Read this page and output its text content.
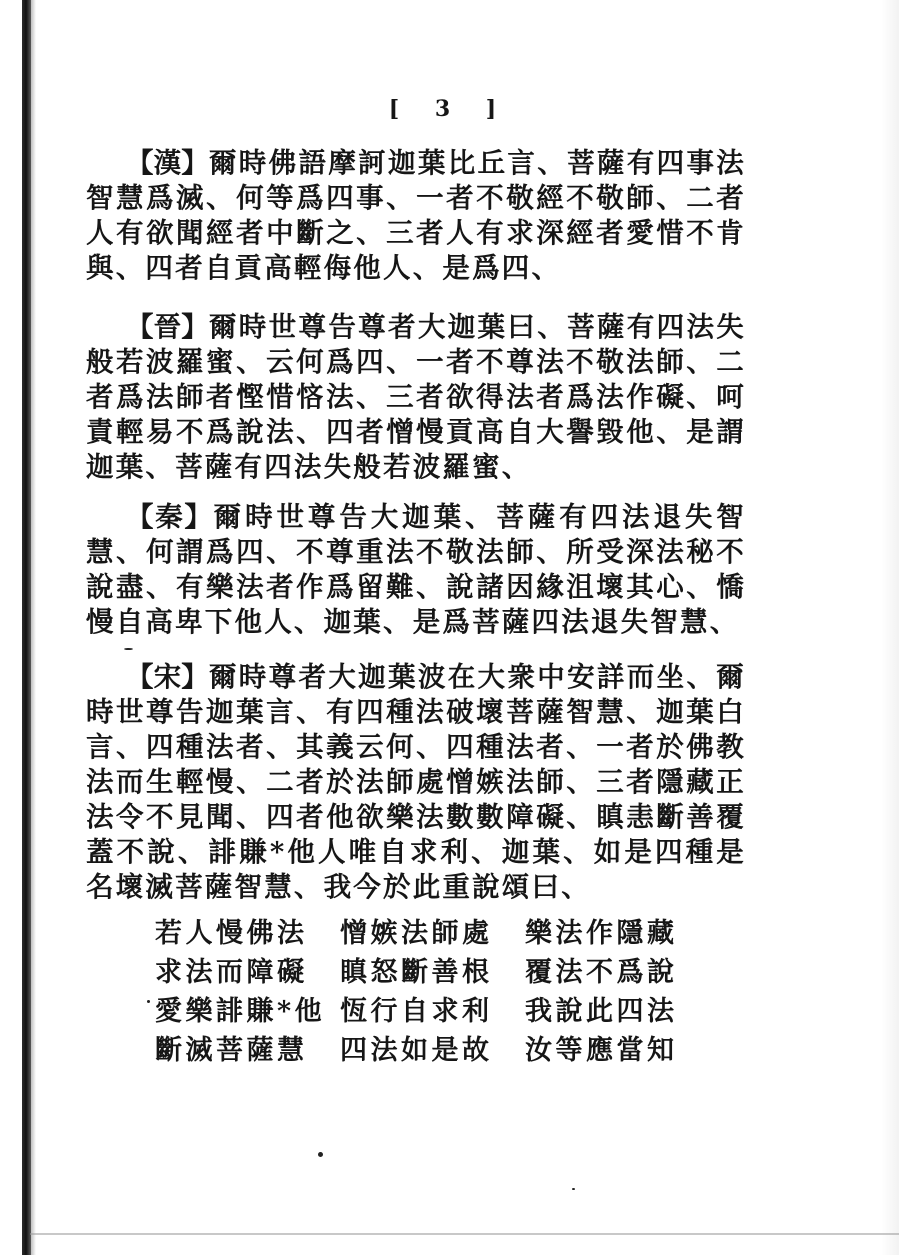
[ 3 ]
【漢】爾時佛語摩訶迦葉比丘言、菩薩有四事法智慧爲滅、何等爲四事、一者不敬經不敬師、二者人有欲聞經者中斷之、三者人有求深經者愛惜不肯與、四者自貢高輕侮他人、是爲四、
【晉】爾時世尊告尊者大迦葉曰、菩薩有四法失般若波羅蜜、云何爲四、一者不尊法不敬法師、二者爲法師者慳惜悋法、三者欲得法者爲法作礙、呵責輕易不爲說法、四者憎慢貢高自大譽毀他、是謂迦葉、菩薩有四法失般若波羅蜜、
【秦】爾時世尊告大迦葉、菩薩有四法退失智慧、何謂爲四、不尊重法不敬法師、所受深法秘不說盡、有樂法者作爲留難、說諸因緣沮壞其心、憍慢自高卑下他人、迦葉、是爲菩薩四法退失智慧、
【宋】爾時尊者大迦葉波在大衆中安詳而坐、爾時世尊告迦葉言、有四種法破壞菩薩智慧、迦葉白言、四種法者、其義云何、四種法者、一者於佛教法而生輕慢、二者於法師處憎嫉法師、三者隱藏正法令不見聞、四者他欲樂法數數障礙、瞋恚斷善覆蓋不說、誹賺*他人唯自求利、迦葉、如是四種是名壞滅菩薩智慧、我今於此重說頌曰、
若人慢佛法	憎嫉法師處	樂法作隱藏
求法而障礙	瞋怒斷善根	覆法不爲說
愛樂誹賺*他 恆行自求利	我說此四法
斷滅菩薩慧	四法如是故	汝等應當知
